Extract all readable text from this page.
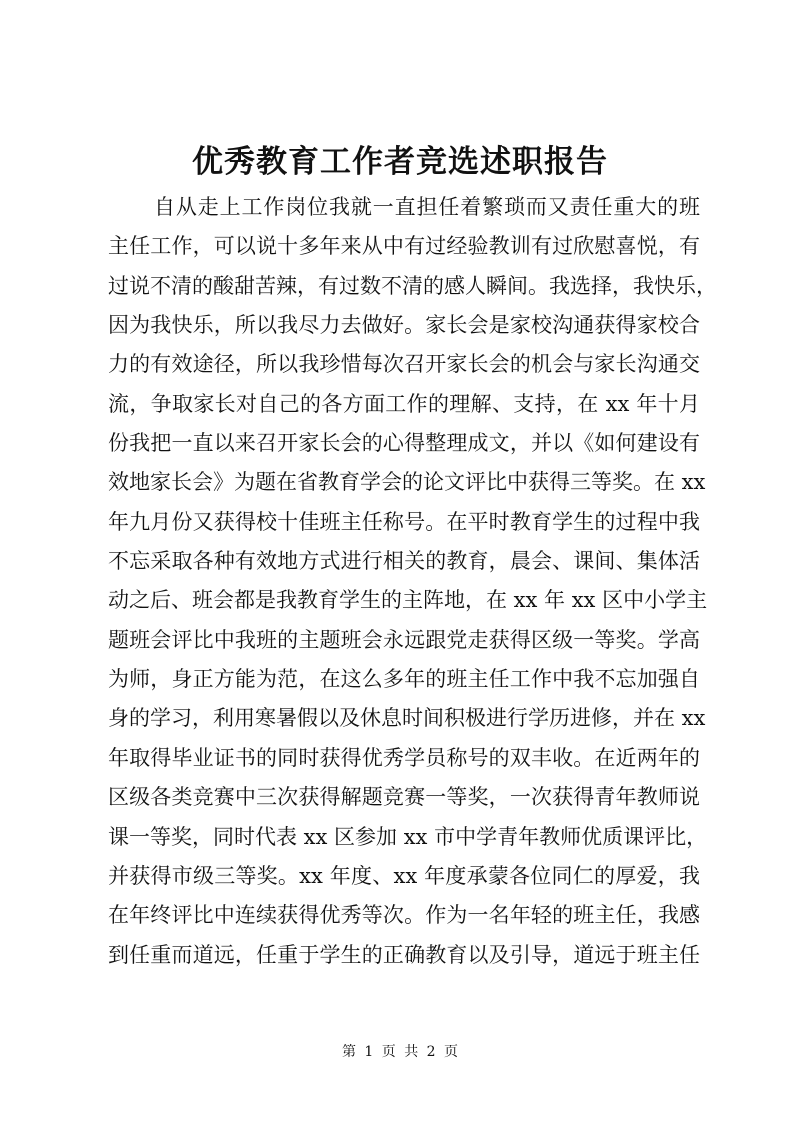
优秀教育工作者竞选述职报告
自从走上工作岗位我就一直担任着繁琐而又责任重大的班
主任工作，可以说十多年来从中有过经验教训有过欣慰喜悦，有
过说不清的酸甜苦辣，有过数不清的感人瞬间。我选择，我快乐，
因为我快乐，所以我尽力去做好。家长会是家校沟通获得家校合
力的有效途径，所以我珍惜每次召开家长会的机会与家长沟通交
流，争取家长对自己的各方面工作的理解、支持，在 xx 年十月
份我把一直以来召开家长会的心得整理成文，并以《如何建设有
效地家长会》为题在省教育学会的论文评比中获得三等奖。在 xx
年九月份又获得校十佳班主任称号。在平时教育学生的过程中我
不忘采取各种有效地方式进行相关的教育，晨会、课间、集体活
动之后、班会都是我教育学生的主阵地，在 xx 年 xx 区中小学主
题班会评比中我班的主题班会永远跟党走获得区级一等奖。学高
为师，身正方能为范，在这么多年的班主任工作中我不忘加强自
身的学习，利用寒暑假以及休息时间积极进行学历进修，并在 xx
年取得毕业证书的同时获得优秀学员称号的双丰收。在近两年的
区级各类竞赛中三次获得解题竞赛一等奖，一次获得青年教师说
课一等奖，同时代表 xx 区参加 xx 市中学青年教师优质课评比，
并获得市级三等奖。xx 年度、xx 年度承蒙各位同仁的厚爱，我
在年终评比中连续获得优秀等次。作为一名年轻的班主任，我感
到任重而道远，任重于学生的正确教育以及引导，道远于班主任
第 1 页 共 2 页
